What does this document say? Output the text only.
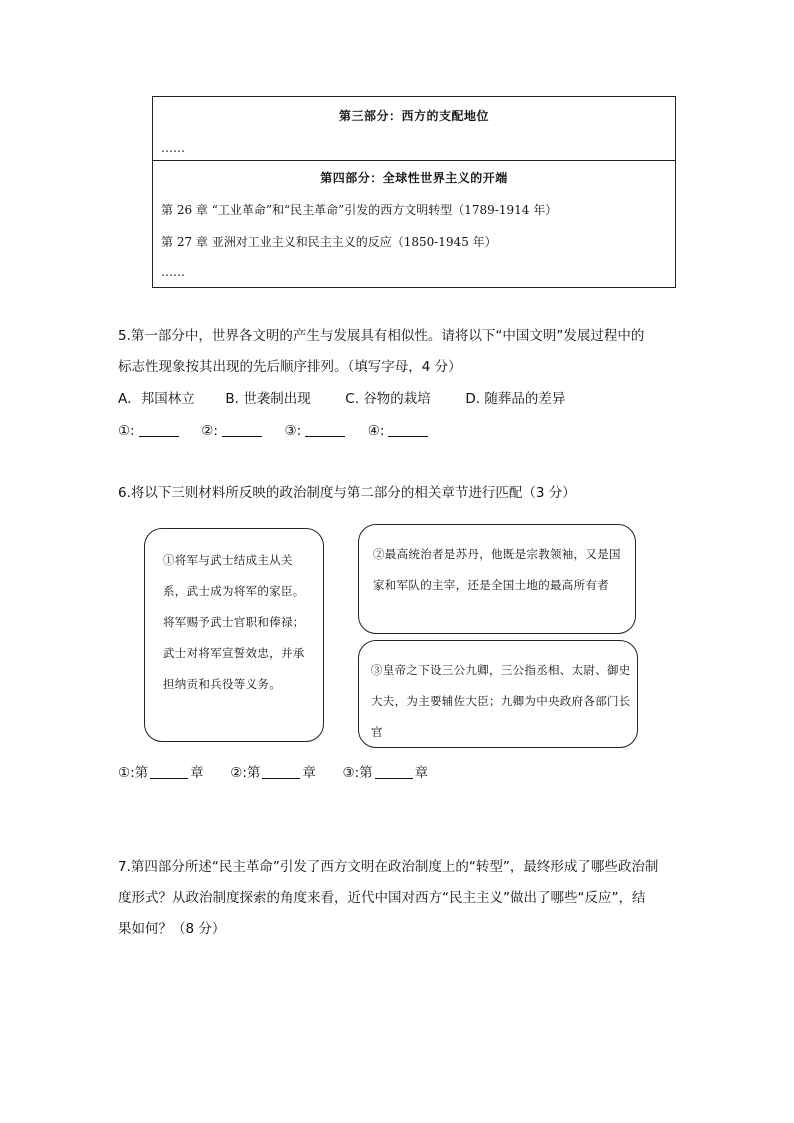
第三部分：西方的支配地位
……
第四部分：全球性世界主义的开端
第 26 章 “工业革命”和“民主革命”引发的西方文明转型（1789-1914 年）
第 27 章 亚洲对工业主义和民主主义的反应（1850-1945 年）
……
5.第一部分中，世界各文明的产生与发展具有相似性。请将以下“中国文明”发展过程中的
标志性现象按其出现的先后顺序排列。（填写字母，4 分）
A．邦国林立 B. 世袭制出现	C. 谷物的栽培	D. 随葬品的差异
①:	②:	③:	④:
6.将以下三则材料所反映的政治制度与第二部分的相关章节进行匹配（3 分）
①将军与武士结成主从关系，武士成为将军的家臣。将军赐予武士官职和俸禄；武士对将军宣誓效忠，并承担纳贡和兵役等义务。
②最高统治者是苏丹，他既是宗教领袖，又是国家和军队的主宰，还是全国土地的最高所有者
③皇帝之下设三公九卿，三公指丞相、太尉、御史大夫，为主要辅佐大臣；九卿为中央政府各部门长官
①:第	章 ②:第	章 ③:第	章
7.第四部分所述“民主革命”引发了西方文明在政治制度上的“转型”，最终形成了哪些政治制
度形式？从政治制度探索的角度来看，近代中国对西方“民主主义”做出了哪些“反应”，结
果如何？（8 分）
